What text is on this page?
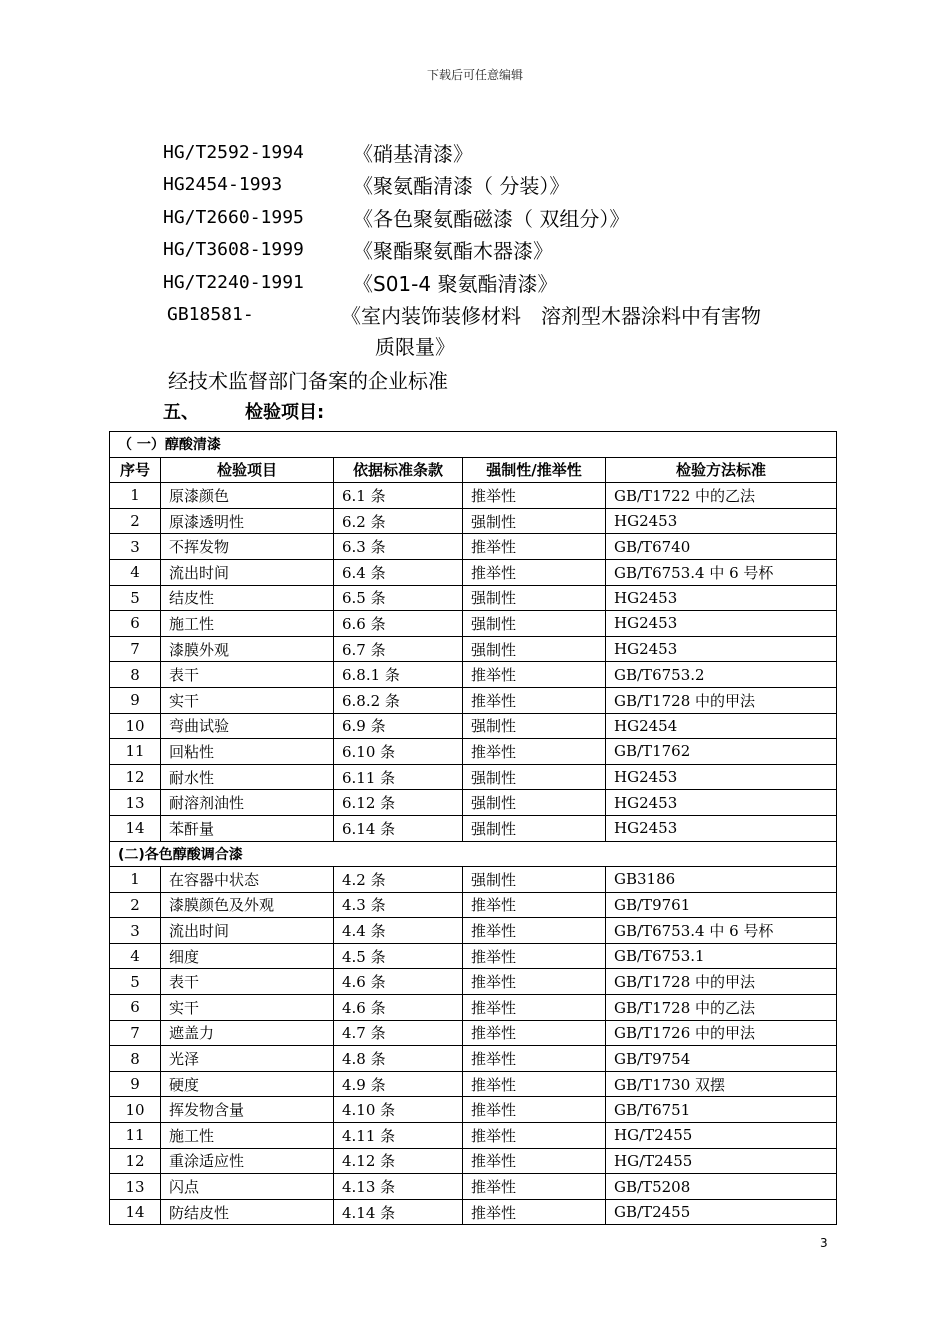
下载后可任意编辑
HG/T2592-1994	《硝基清漆》
HG2454-1993	《聚氨酯清漆（ 分装）》
HG/T2660-1995	《各色聚氨酯磁漆（ 双组分）》
HG/T3608-1999	《聚酯聚氨酯木器漆》
HG/T2240-1991	《S01-4 聚氨酯清漆》
GB18581-	《室内装饰装修材料　溶剂型木器涂料中有害物
质限量》
经技术监督部门备案的企业标准
五、	检验项目:
（ 一）醇酸清漆				
序号	检验项目	依据标准条款	强制性/推举性	检验方法标准
1	原漆颜色	6.1 条	推举性	GB/T1722 中的乙法
2	原漆透明性	6.2 条	强制性	HG2453
3	不挥发物	6.3 条	推举性	GB/T6740
4	流出时间	6.4 条	推举性	GB/T6753.4 中 6 号杯
5	结皮性	6.5 条	强制性	HG2453
6	施工性	6.6 条	强制性	HG2453
7	漆膜外观	6.7 条	强制性	HG2453
8	表干	6.8.1 条	推举性	GB/T6753.2
9	实干	6.8.2 条	推举性	GB/T1728 中的甲法
10	弯曲试验	6.9 条	强制性	HG2454
11	回粘性	6.10 条	推举性	GB/T1762
12	耐水性	6.11 条	强制性	HG2453
13	耐溶剂油性	6.12 条	强制性	HG2453
14	苯酐量	6.14 条	强制性	HG2453
(二)各色醇酸调合漆				
1	在容器中状态	4.2 条	强制性	GB3186
2	漆膜颜色及外观	4.3 条	推举性	GB/T9761
3	流出时间	4.4 条	推举性	GB/T6753.4 中 6 号杯
4	细度	4.5 条	推举性	GB/T6753.1
5	表干	4.6 条	推举性	GB/T1728 中的甲法
6	实干	4.6 条	推举性	GB/T1728 中的乙法
7	遮盖力	4.7 条	推举性	GB/T1726 中的甲法
8	光泽	4.8 条	推举性	GB/T9754
9	硬度	4.9 条	推举性	GB/T1730 双摆
10	挥发物含量	4.10 条	推举性	GB/T6751
11	施工性	4.11 条	推举性	HG/T2455
12	重涂适应性	4.12 条	推举性	HG/T2455
13	闪点	4.13 条	推举性	GB/T5208
14	防结皮性	4.14 条	推举性	GB/T2455
3
